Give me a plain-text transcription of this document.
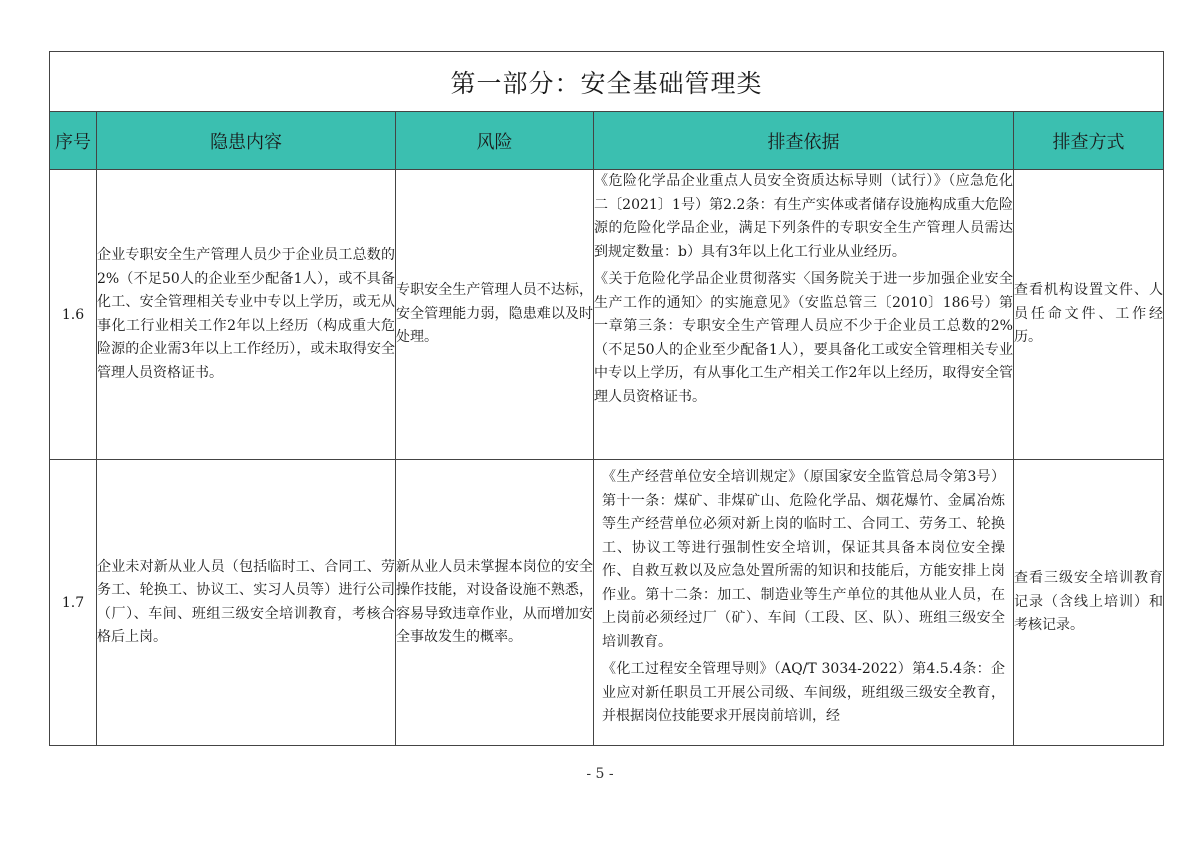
第一部分：安全基础管理类				
序号	隐患内容	风险	排查依据	排查方式
1.6	企业专职安全生产管理人员少于企业员工总数的2%（不足50人的企业至少配备1人），或不具备化工、安全管理相关专业中专以上学历，或无从事化工行业相关工作2年以上经历（构成重大危险源的企业需3年以上工作经历），或未取得安全管理人员资格证书。	专职安全生产管理人员不达标，安全管理能力弱，隐患难以及时处理。	《危险化学品企业重点人员安全资质达标导则（试行）》（应急危化二〔2021〕1号）第2.2条：有生产实体或者储存设施构成重大危险源的危险化学品企业，满足下列条件的专职安全生产管理人员需达到规定数量：b）具有3年以上化工行业从业经历。

《关于危险化学品企业贯彻落实〈国务院关于进一步加强企业安全生产工作的通知〉的实施意见》（安监总管三〔2010〕186号）第一章第三条：专职安全生产管理人员应不少于企业员工总数的2%（不足50人的企业至少配备1人），要具备化工或安全管理相关专业中专以上学历，有从事化工生产相关工作2年以上经历，取得安全管理人员资格证书。	查看机构设置文件、人员任命文件、工作经历。
1.7	企业未对新从业人员（包括临时工、合同工、劳务工、轮换工、协议工、实习人员等）进行公司（厂）、车间、班组三级安全培训教育，考核合格后上岗。	新从业人员未掌握本岗位的安全操作技能，对设备设施不熟悉，容易导致违章作业，从而增加安全事故发生的概率。	《生产经营单位安全培训规定》（原国家安全监管总局令第3号）第十一条：煤矿、非煤矿山、危险化学品、烟花爆竹、金属冶炼等生产经营单位必须对新上岗的临时工、合同工、劳务工、轮换工、协议工等进行强制性安全培训，保证其具备本岗位安全操作、自救互救以及应急处置所需的知识和技能后，方能安排上岗作业。第十二条：加工、制造业等生产单位的其他从业人员，在上岗前必须经过厂（矿）、车间（工段、区、队）、班组三级安全培训教育。

《化工过程安全管理导则》（AQ/T 3034-2022）第4.5.4条：企业应对新任职员工开展公司级、车间级，班组级三级安全教育，并根据岗位技能要求开展岗前培训，经	查看三级安全培训教育记录（含线上培训）和考核记录。
- 5 -
